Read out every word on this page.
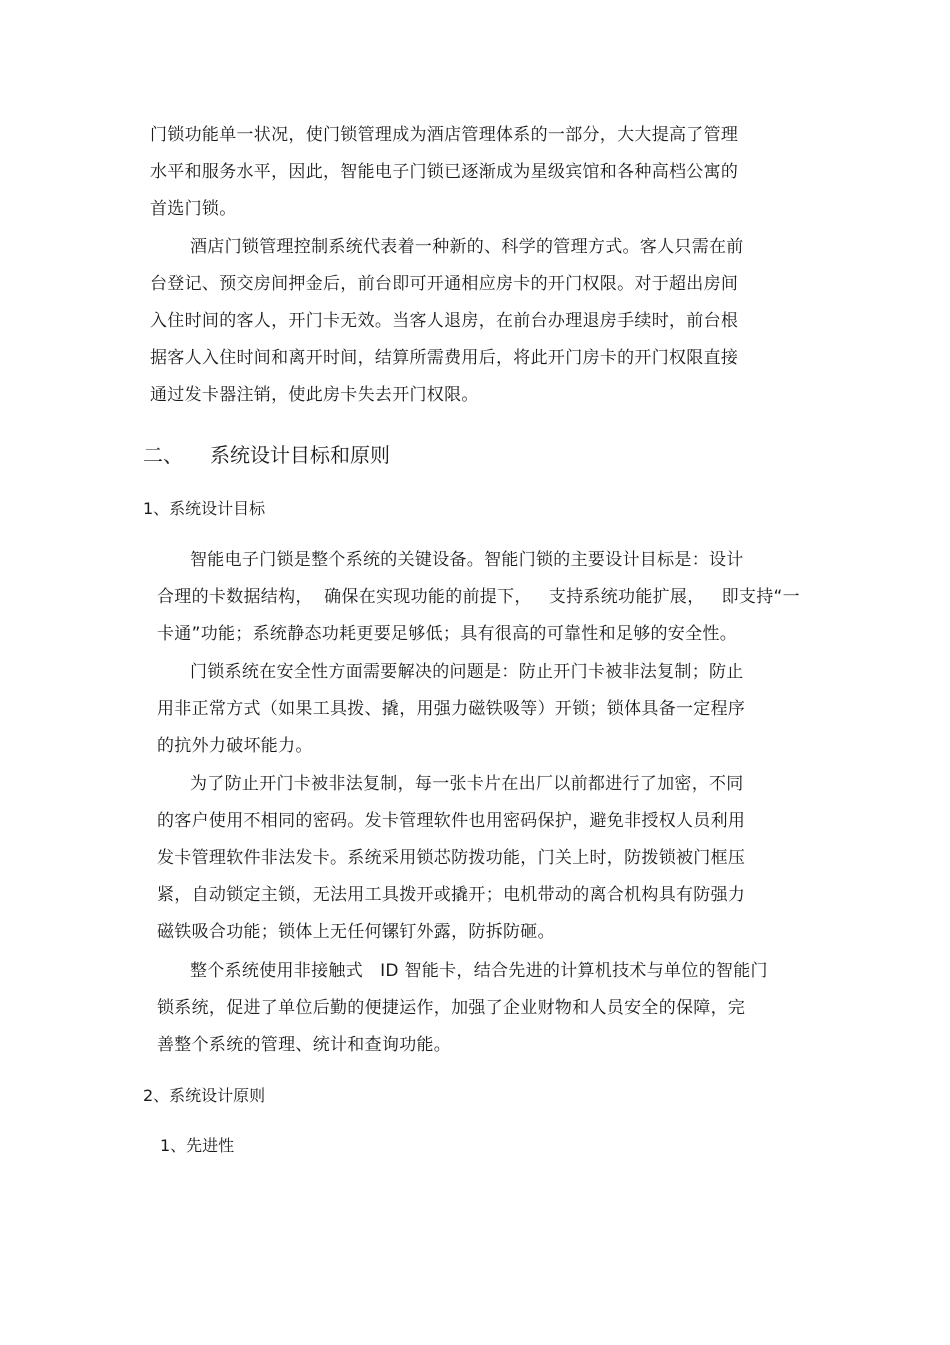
门锁功能单一状况，使门锁管理成为酒店管理体系的一部分，大大提高了管理
水平和服务水平，因此，智能电子门锁已逐渐成为星级宾馆和各种高档公寓的
首选门锁。
酒店门锁管理控制系统代表着一种新的、科学的管理方式。客人只需在前
台登记、预交房间押金后，前台即可开通相应房卡的开门权限。对于超出房间
入住时间的客人，开门卡无效。当客人退房，在前台办理退房手续时，前台根
据客人入住时间和离开时间，结算所需费用后，将此开门房卡的开门权限直接
通过发卡器注销，使此房卡失去开门权限。
二、 系统设计目标和原则
1、系统设计目标
智能电子门锁是整个系统的关键设备。智能门锁的主要设计目标是：设计
合理的卡数据结构，  确保在实现功能的前提下，   支持系统功能扩展，   即支持“一
卡通”功能；系统静态功耗更要足够低；具有很高的可靠性和足够的安全性。
门锁系统在安全性方面需要解决的问题是：防止开门卡被非法复制；防止
用非正常方式（如果工具拨、撬，用强力磁铁吸等）开锁；锁体具备一定程序
的抗外力破坏能力。
为了防止开门卡被非法复制，每一张卡片在出厂以前都进行了加密，不同
的客户使用不相同的密码。发卡管理软件也用密码保护，避免非授权人员利用
发卡管理软件非法发卡。系统采用锁芯防拨功能，门关上时，防拨锁被门框压
紧，自动锁定主锁，无法用工具拨开或撬开；电机带动的离合机构具有防强力
磁铁吸合功能；锁体上无任何镙钉外露，防拆防砸。
整个系统使用非接触式   ID 智能卡，结合先进的计算机技术与单位的智能门
锁系统，促进了单位后勤的便捷运作，加强了企业财物和人员安全的保障，完
善整个系统的管理、统计和查询功能。
2、系统设计原则
1、先进性
